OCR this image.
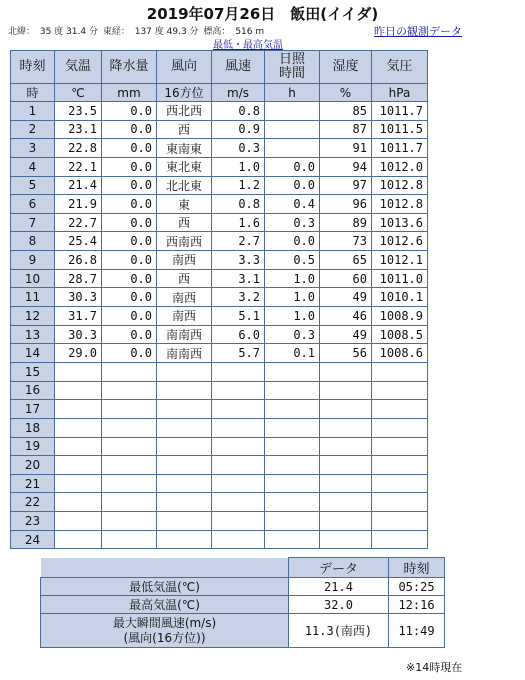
2019年07月26日　飯田(イイダ)
北緯： 35 度 31.4 分 東経： 137 度 49.3 分 標高： 516 m	昨日の観測データ
最低・最高気温
時刻	気温	降水量	風向	風速	日照時間	湿度	気圧
時	℃	mm	16方位	m/s	h	%	hPa
1	23.5	0.0	西北西	0.8		85	1011.7
2	23.1	0.0	西	0.9		87	1011.5
3	22.8	0.0	東南東	0.3		91	1011.7
4	22.1	0.0	東北東	1.0	0.0	94	1012.0
5	21.4	0.0	北北東	1.2	0.0	97	1012.8
6	21.9	0.0	東	0.8	0.4	96	1012.8
7	22.7	0.0	西	1.6	0.3	89	1013.6
8	25.4	0.0	西南西	2.7	0.0	73	1012.6
9	26.8	0.0	南西	3.3	0.5	65	1012.1
10	28.7	0.0	西	3.1	1.0	60	1011.0
11	30.3	0.0	南西	3.2	1.0	49	1010.1
12	31.7	0.0	南西	5.1	1.0	46	1008.9
13	30.3	0.0	南南西	6.0	0.3	49	1008.5
14	29.0	0.0	南南西	5.7	0.1	56	1008.6
15							
16							
17							
18							
19							
20							
21							
22							
23							
24							
	データ	時刻
最低気温(℃)	21.4	05:25
最高気温(℃)	32.0	12:16
最大瞬間風速(m/s)
(風向(16方位))	11.3(南西)	11:49
※14時現在
